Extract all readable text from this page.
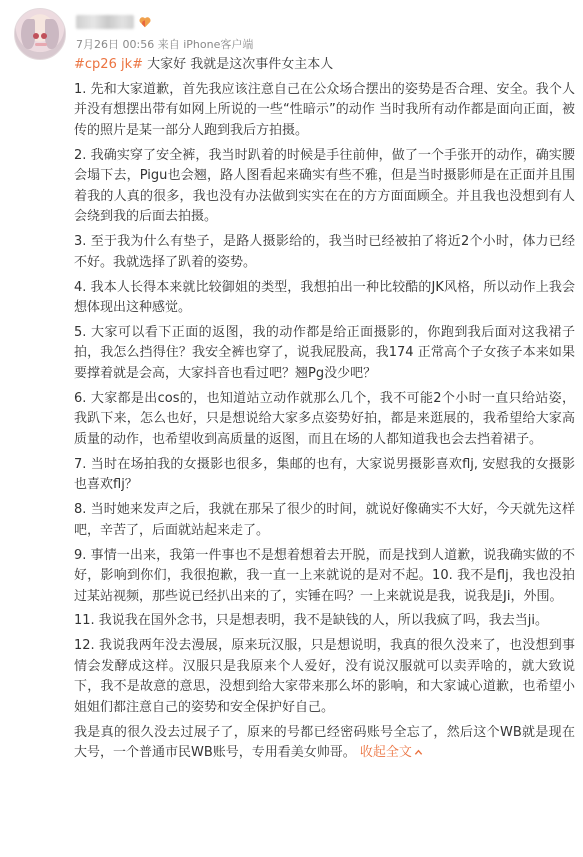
7月26日 00:56 来自 iPhone客户端

#cp26 jk# 大家好 我就是这次事件女主本人

1. 先和大家道歉，首先我应该注意自己在公众场合摆出的姿势是否合理、安全。我个人并没有想摆出带有如网上所说的一些“性暗示”的动作 当时我所有动作都是面向正面，被传的照片是某一部分人跑到我后方拍摄。

2. 我确实穿了安全裤，我当时趴着的时候是手往前伸，做了一个手张开的动作，确实腰会塌下去，Pigu也会翘，路人图看起来确实有些不雅，但是当时摄影师是在正面并且围着我的人真的很多，我也没有办法做到实实在在的方方面面顾全。并且我也没想到有人会绕到我的后面去拍摄。

3. 至于我为什么有垫子，是路人摄影给的，我当时已经被拍了将近2个小时，体力已经不好。我就选择了趴着的姿势。

4. 我本人长得本来就比较御姐的类型，我想拍出一种比较酷的JK风格，所以动作上我会想体现出这种感觉。

5. 大家可以看下正面的返图，我的动作都是给正面摄影的，你跑到我后面对这我裙子拍，我怎么挡得住？我安全裤也穿了，说我屁股高，我174 正常高个子女孩子本来如果要撑着就是会高，大家抖音也看过吧？翘Pg没少吧？

6. 大家都是出cos的，也知道站立动作就那么几个，我不可能2个小时一直只给站姿，我趴下来，怎么也好，只是想说给大家多点姿势好拍，都是来逛展的，我希望给大家高质量的动作，也希望收到高质量的返图，而且在场的人都知道我也会去挡着裙子。

7. 当时在场拍我的女摄影也很多，集邮的也有，大家说男摄影喜欢flj, 安慰我的女摄影也喜欢flj？

8. 当时她来发声之后，我就在那呆了很少的时间，就说好像确实不大好，今天就先这样吧，辛苦了，后面就站起来走了。

9. 事情一出来，我第一件事也不是想着想着去开脱，而是找到人道歉，说我确实做的不好，影响到你们，我很抱歉，我一直一上来就说的是对不起。10. 我不是flj，我也没拍过某站视频，那些说已经扒出来的了，实锤在吗？一上来就说是我，说我是Ji，外围。

11. 我说我在国外念书，只是想表明，我不是缺钱的人，所以我疯了吗，我去当ji。

12. 我说我两年没去漫展，原来玩汉服，只是想说明，我真的很久没来了，也没想到事情会发酵成这样。汉服只是我原来个人爱好，没有说汉服就可以卖弄啥的，就大致说下，我不是故意的意思，没想到给大家带来那么坏的影响，和大家诚心道歉，也希望小姐姐们都注意自己的姿势和安全保护好自己。

我是真的很久没去过展子了，原来的号都已经密码账号全忘了，然后这个WB就是现在大号，一个普通市民WB账号，专用看美女帅哥。 收起全文
